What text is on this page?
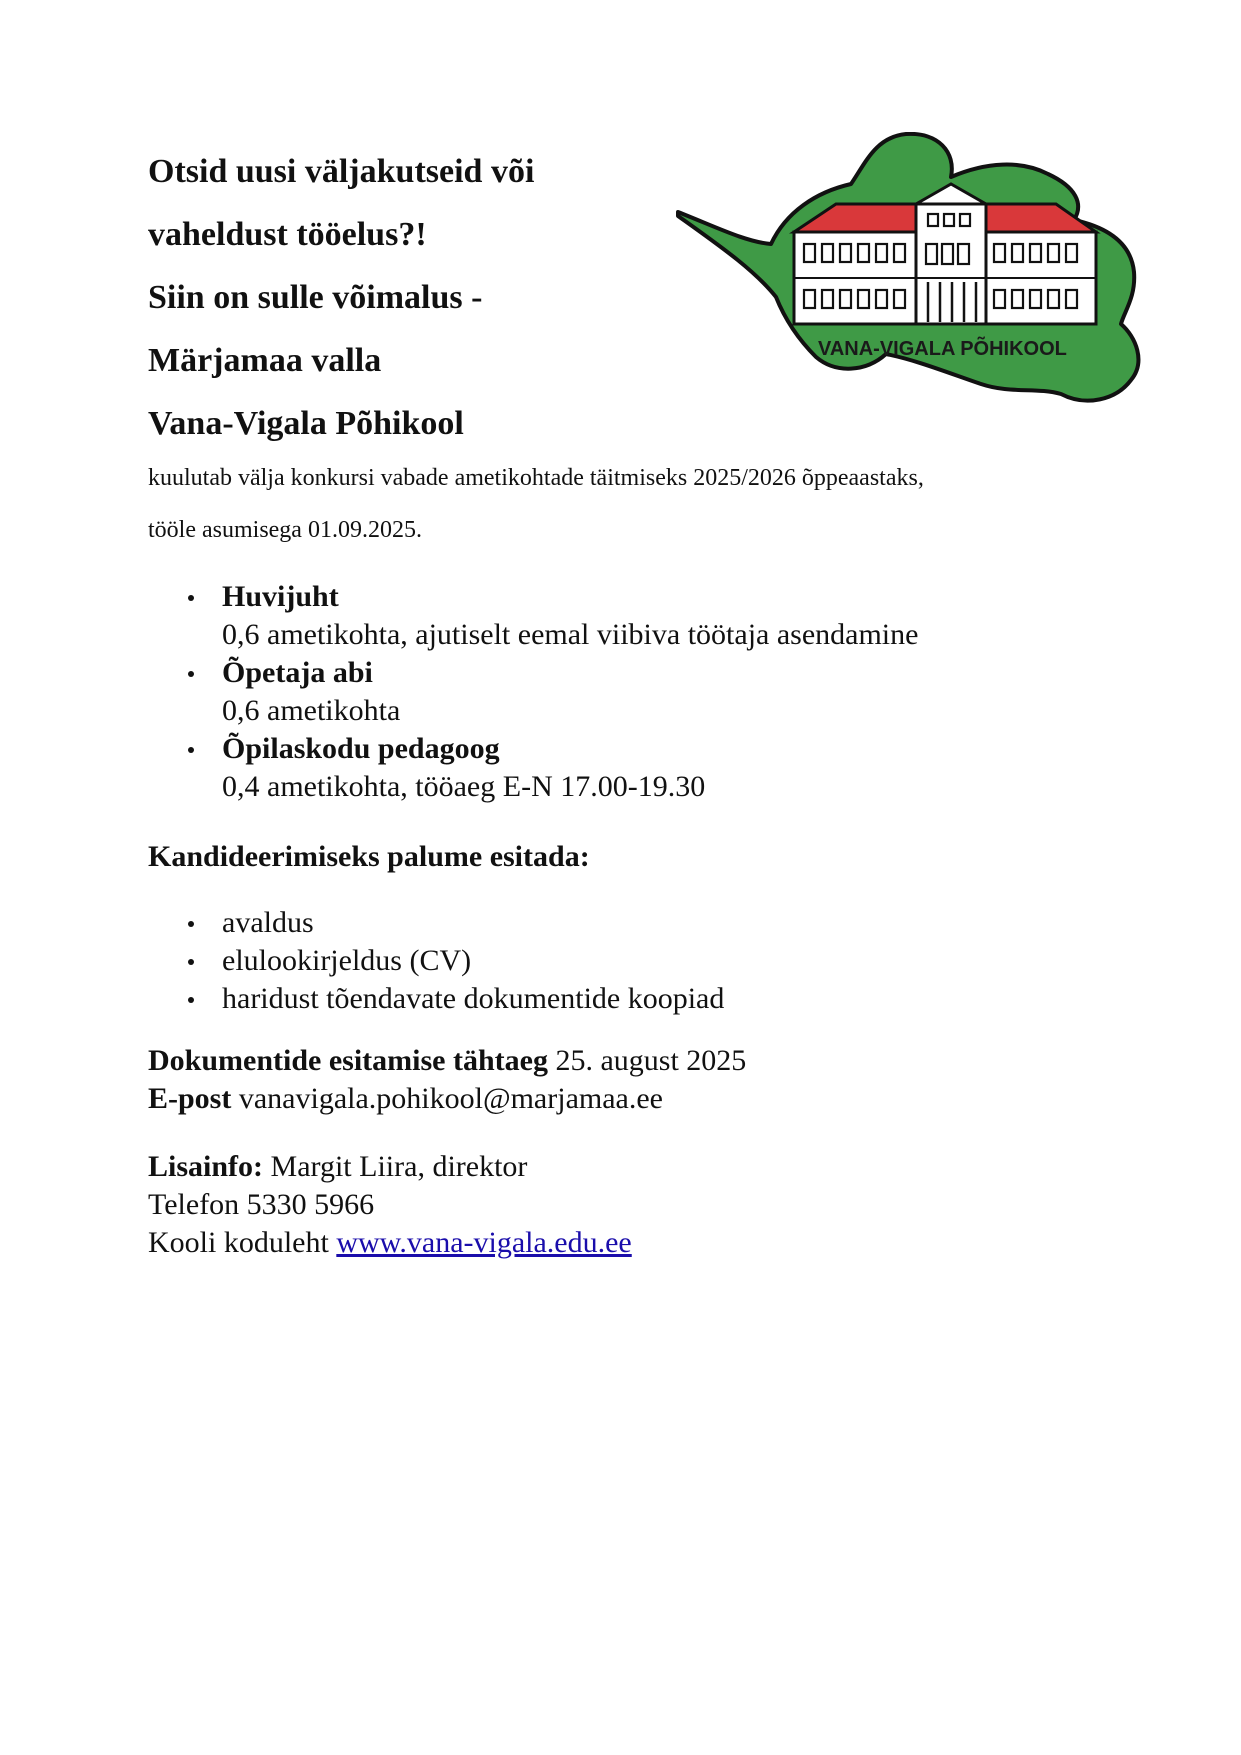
Otsid uusi väljakutseid või
vaheldust tööelus?!
Siin on sulle võimalus -
Märjamaa valla
Vana-Vigala Põhikool
VANA-VIGALA PÕHIKOOL
kuulutab välja konkursi vabade ametikohtade täitmiseks 2025/2026 õppeaastaks,
tööle asumisega 01.09.2025.
Huvijuht
0,6 ametikohta, ajutiselt eemal viibiva töötaja asendamine
Õpetaja abi
0,6 ametikohta
Õpilaskodu pedagoog
0,4 ametikohta, tööaeg E-N 17.00-19.30
Kandideerimiseks palume esitada:
avaldus
elulookirjeldus (CV)
haridust tõendavate dokumentide koopiad
Dokumentide esitamise tähtaeg 25. august 2025
E-post vanavigala.pohikool@marjamaa.ee
Lisainfo: Margit Liira, direktor
Telefon 5330 5966
Kooli koduleht www.vana-vigala.edu.ee
